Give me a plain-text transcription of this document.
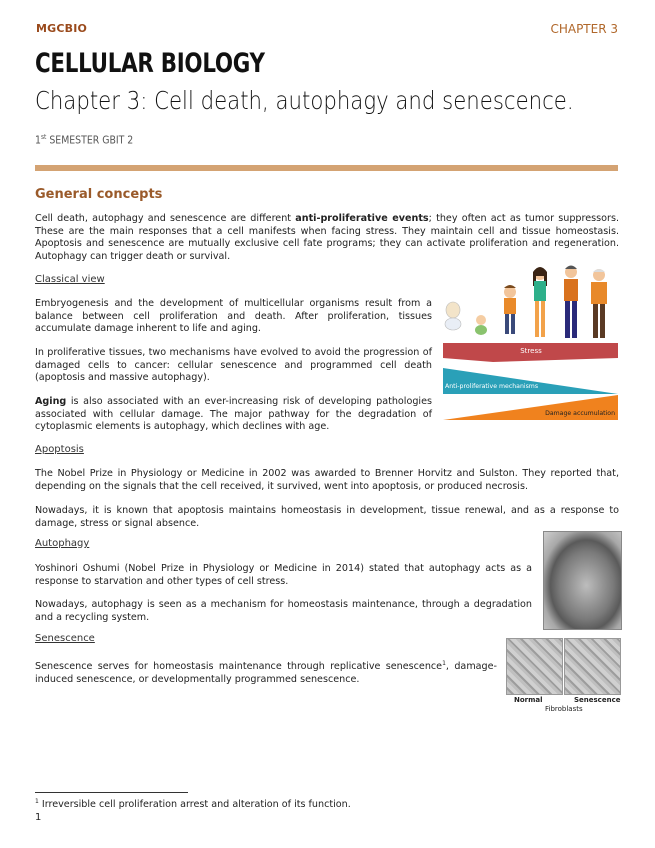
MGCBIO	CHAPTER 3
CELLULAR BIOLOGY
Chapter 3: Cell death, autophagy and senescence.
1st SEMESTER GBIT 2
General concepts
Cell death, autophagy and senescence are different anti-proliferative events; they often act as tumor suppressors. These are the main responses that a cell manifests when facing stress. They maintain cell and tissue homeostasis. Apoptosis and senescence are mutually exclusive cell fate programs; they can activate proliferation and regeneration. Autophagy can trigger death or survival.
Classical view
Embryogenesis and the development of multicellular organisms result from a balance between cell proliferation and death. After proliferation, tissues accumulate damage inherent to life and aging.
In proliferative tissues, two mechanisms have evolved to avoid the progression of damaged cells to cancer: cellular senescence and programmed cell death (apoptosis and massive autophagy).
Aging is also associated with an ever-increasing risk of developing pathologies associated with cellular damage. The major pathway for the degradation of cytoplasmic elements is autophagy, which declines with age.
Stress
Anti-proliferative mechanisms
Damage accumulation
Apoptosis
The Nobel Prize in Physiology or Medicine in 2002 was awarded to Brenner Horvitz and Sulston. They reported that, depending on the signals that the cell received, it survived, went into apoptosis, or produced necrosis.
Nowadays, it is known that apoptosis maintains homeostasis in development, tissue renewal, and as a response to damage, stress or signal absence.
Autophagy
Yoshinori Oshumi (Nobel Prize in Physiology or Medicine in 2014) stated that autophagy acts as a response to starvation and other types of cell stress.
Nowadays, autophagy is seen as a mechanism for homeostasis maintenance, through a degradation and a recycling system.
Senescence
Senescence serves for homeostasis maintenance through replicative senescence$^1$, damage-induced senescence, or developmentally programmed senescence.
Normal	Senescence
Fibroblasts
$^1$ Irreversible cell proliferation arrest and alteration of its function.
1
